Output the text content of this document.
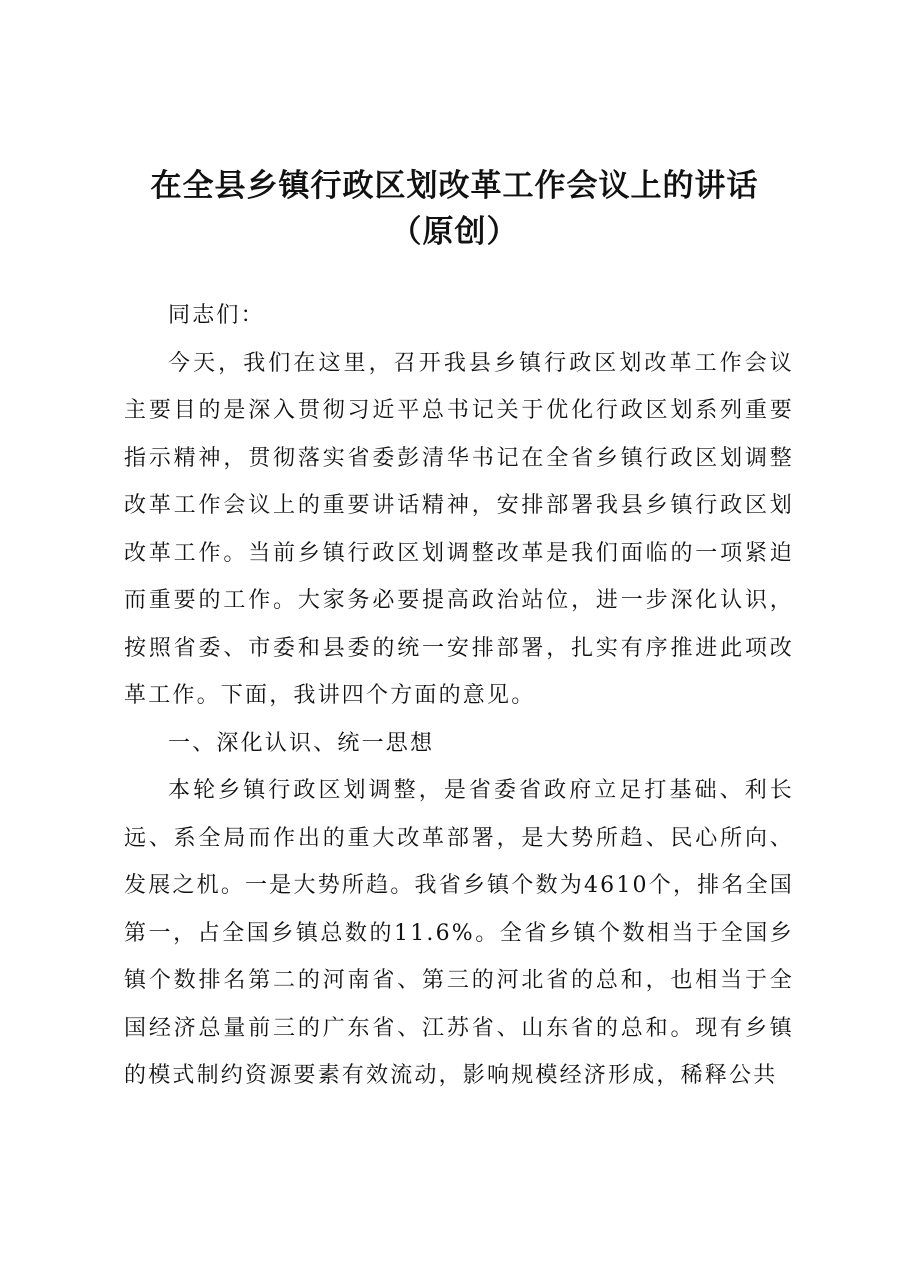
在全县乡镇行政区划改革工作会议上的讲话
（原创）

同志们：

今天，我们在这里，召开我县乡镇行政区划改革工作会议主要目的是深入贯彻习近平总书记关于优化行政区划系列重要指示精神，贯彻落实省委彭清华书记在全省乡镇行政区划调整改革工作会议上的重要讲话精神，安排部署我县乡镇行政区划改革工作。当前乡镇行政区划调整改革是我们面临的一项紧迫而重要的工作。大家务必要提高政治站位，进一步深化认识，按照省委、市委和县委的统一安排部署，扎实有序推进此项改革工作。下面，我讲四个方面的意见。

一、深化认识、统一思想

本轮乡镇行政区划调整，是省委省政府立足打基础、利长远、系全局而作出的重大改革部署，是大势所趋、民心所向、发展之机。一是大势所趋。我省乡镇个数为4610个，排名全国第一，占全国乡镇总数的11.6%。全省乡镇个数相当于全国乡镇个数排名第二的河南省、第三的河北省的总和，也相当于全国经济总量前三的广东省、江苏省、山东省的总和。现有乡镇的模式制约资源要素有效流动，影响规模经济形成，稀释公共
